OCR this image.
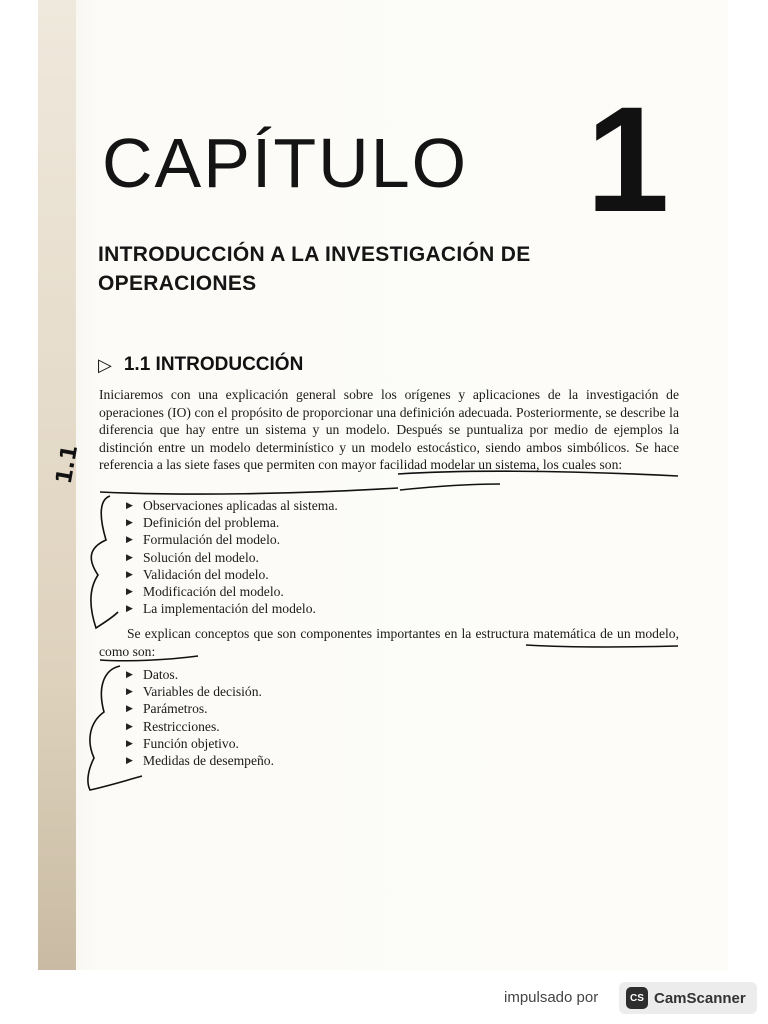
CAPÍTULO 1
INTRODUCCIÓN A LA INVESTIGACIÓN DE OPERACIONES
▷ 1.1 INTRODUCCIÓN
Iniciaremos con una explicación general sobre los orígenes y aplicaciones de la investigación de operaciones (IO) con el propósito de proporcionar una definición adecuada. Posteriormente, se describe la diferencia que hay entre un sistema y un modelo. Después se puntualiza por medio de ejemplos la distinción entre un modelo determinístico y un modelo estocástico, siendo ambos simbólicos. Se hace referencia a las siete fases que permiten con mayor facilidad modelar un sistema, los cuales son:
▶ Observaciones aplicadas al sistema.
▶ Definición del problema.
▶ Formulación del modelo.
▶ Solución del modelo.
▶ Validación del modelo.
▶ Modificación del modelo.
▶ La implementación del modelo.
Se explican conceptos que son componentes importantes en la estructura matemática de un modelo, como son:
▶ Datos.
▶ Variables de decisión.
▶ Parámetros.
▶ Restricciones.
▶ Función objetivo.
▶ Medidas de desempeño.
1.1
impulsado por	CS CamScanner
